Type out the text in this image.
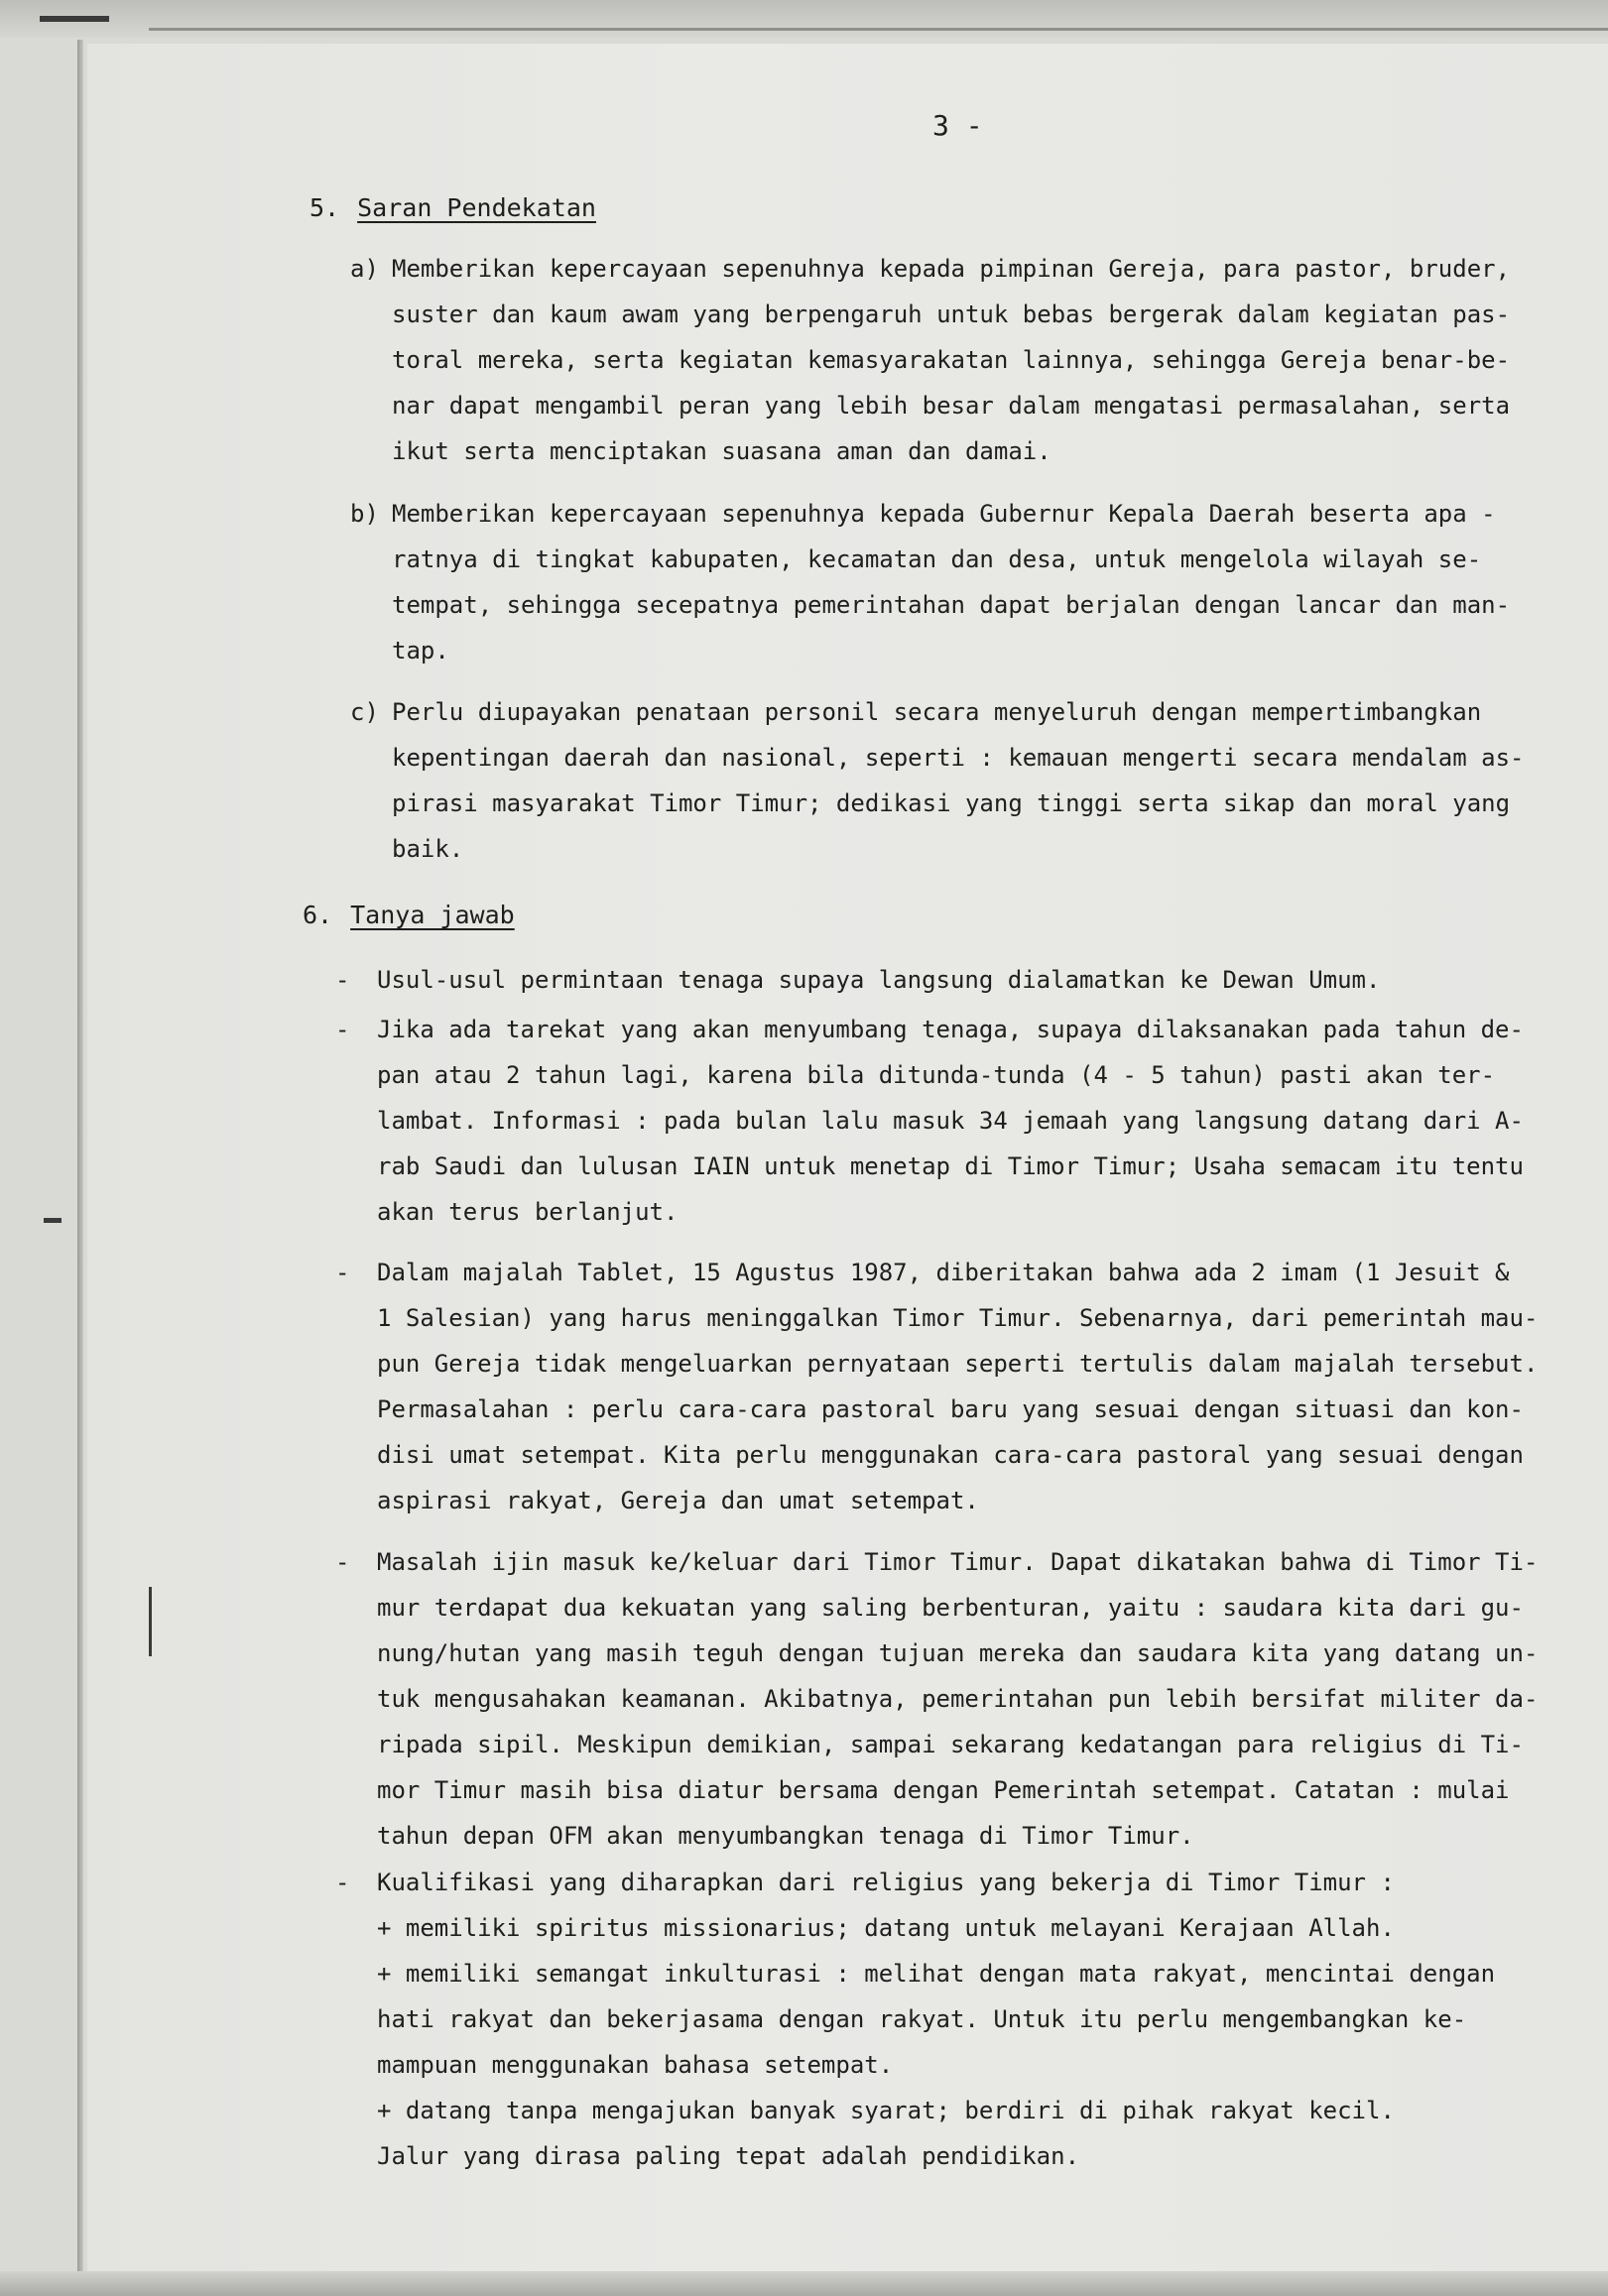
3 -
5. Saran Pendekatan
a) Memberikan kepercayaan sepenuhnya kepada pimpinan Gereja, para pastor, bruder,
suster dan kaum awam yang berpengaruh untuk bebas bergerak dalam kegiatan pas-
toral mereka, serta kegiatan kemasyarakatan lainnya, sehingga Gereja benar-be-
nar dapat mengambil peran yang lebih besar dalam mengatasi permasalahan, serta
ikut serta menciptakan suasana aman dan damai.
b) Memberikan kepercayaan sepenuhnya kepada Gubernur Kepala Daerah beserta apa -
ratnya di tingkat kabupaten, kecamatan dan desa, untuk mengelola wilayah se-
tempat, sehingga secepatnya pemerintahan dapat berjalan dengan lancar dan man-
tap.
c) Perlu diupayakan penataan personil secara menyeluruh dengan mempertimbangkan
kepentingan daerah dan nasional, seperti : kemauan mengerti secara mendalam as-
pirasi masyarakat Timor Timur; dedikasi yang tinggi serta sikap dan moral yang
baik.
6. Tanya jawab
- Usul-usul permintaan tenaga supaya langsung dialamatkan ke Dewan Umum.
- Jika ada tarekat yang akan menyumbang tenaga, supaya dilaksanakan pada tahun de-
pan atau 2 tahun lagi, karena bila ditunda-tunda (4 - 5 tahun) pasti akan ter-
lambat. Informasi : pada bulan lalu masuk 34 jemaah yang langsung datang dari A-
rab Saudi dan lulusan IAIN untuk menetap di Timor Timur; Usaha semacam itu tentu
akan terus berlanjut.
- Dalam majalah Tablet, 15 Agustus 1987, diberitakan bahwa ada 2 imam (1 Jesuit &
1 Salesian) yang harus meninggalkan Timor Timur. Sebenarnya, dari pemerintah mau-
pun Gereja tidak mengeluarkan pernyataan seperti tertulis dalam majalah tersebut.
Permasalahan : perlu cara-cara pastoral baru yang sesuai dengan situasi dan kon-
disi umat setempat. Kita perlu menggunakan cara-cara pastoral yang sesuai dengan
aspirasi rakyat, Gereja dan umat setempat.
- Masalah ijin masuk ke/keluar dari Timor Timur. Dapat dikatakan bahwa di Timor Ti-
mur terdapat dua kekuatan yang saling berbenturan, yaitu : saudara kita dari gu-
nung/hutan yang masih teguh dengan tujuan mereka dan saudara kita yang datang un-
tuk mengusahakan keamanan. Akibatnya, pemerintahan pun lebih bersifat militer da-
ripada sipil. Meskipun demikian, sampai sekarang kedatangan para religius di Ti-
mor Timur masih bisa diatur bersama dengan Pemerintah setempat. Catatan : mulai
tahun depan OFM akan menyumbangkan tenaga di Timor Timur.
- Kualifikasi yang diharapkan dari religius yang bekerja di Timor Timur :
+ memiliki spiritus missionarius; datang untuk melayani Kerajaan Allah.
+ memiliki semangat inkulturasi : melihat dengan mata rakyat, mencintai dengan
hati rakyat dan bekerjasama dengan rakyat. Untuk itu perlu mengembangkan ke-
mampuan menggunakan bahasa setempat.
+ datang tanpa mengajukan banyak syarat; berdiri di pihak rakyat kecil.
Jalur yang dirasa paling tepat adalah pendidikan.
